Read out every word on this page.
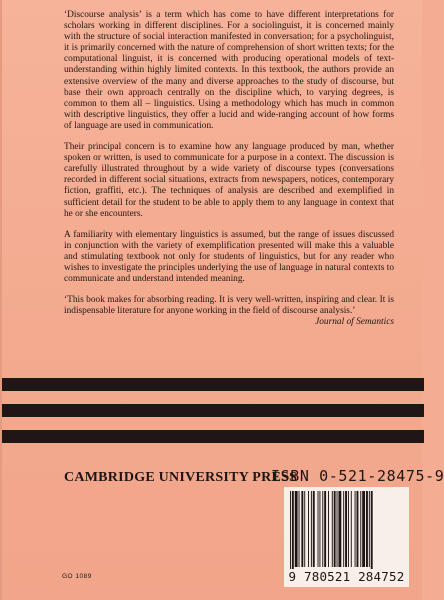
‘Discourse analysis’ is a term which has come to have different interpretations for scholars working in different disciplines. For a sociolinguist, it is concerned mainly with the structure of social interaction manifested in conversation; for a psycholinguist, it is primarily concerned with the nature of comprehension of short written texts; for the computational linguist, it is concerned with producing operational models of text-understanding within highly limited contexts. In this textbook, the authors provide an extensive overview of the many and diverse approaches to the study of discourse, but base their own approach centrally on the discipline which, to varying degrees, is common to them all – linguistics. Using a methodology which has much in common with descriptive linguistics, they offer a lucid and wide-ranging account of how forms of language are used in communication.

Their principal concern is to examine how any language produced by man, whether spoken or written, is used to communicate for a purpose in a context. The discussion is carefully illustrated throughout by a wide variety of discourse types (conversations recorded in different social situations, extracts from newspapers, notices, contemporary fiction, graffiti, etc.). The techniques of analysis are described and exemplified in sufficient detail for the student to be able to apply them to any language in context that he or she encounters.

A familiarity with elementary linguistics is assumed, but the range of issues discussed in conjunction with the variety of exemplification presented will make this a valuable and stimulating textbook not only for students of linguistics, but for any reader who wishes to investigate the principles underlying the use of language in natural contexts to communicate and understand intended meaning.

‘This book makes for absorbing reading. It is very well-written, inspiring and clear. It is indispensable literature for anyone working in the field of discourse analysis.’
Journal of Semantics

CAMBRIDGE UNIVERSITY PRESS
ISBN 0-521-28475-9
9 780521 284752
GO 1089
